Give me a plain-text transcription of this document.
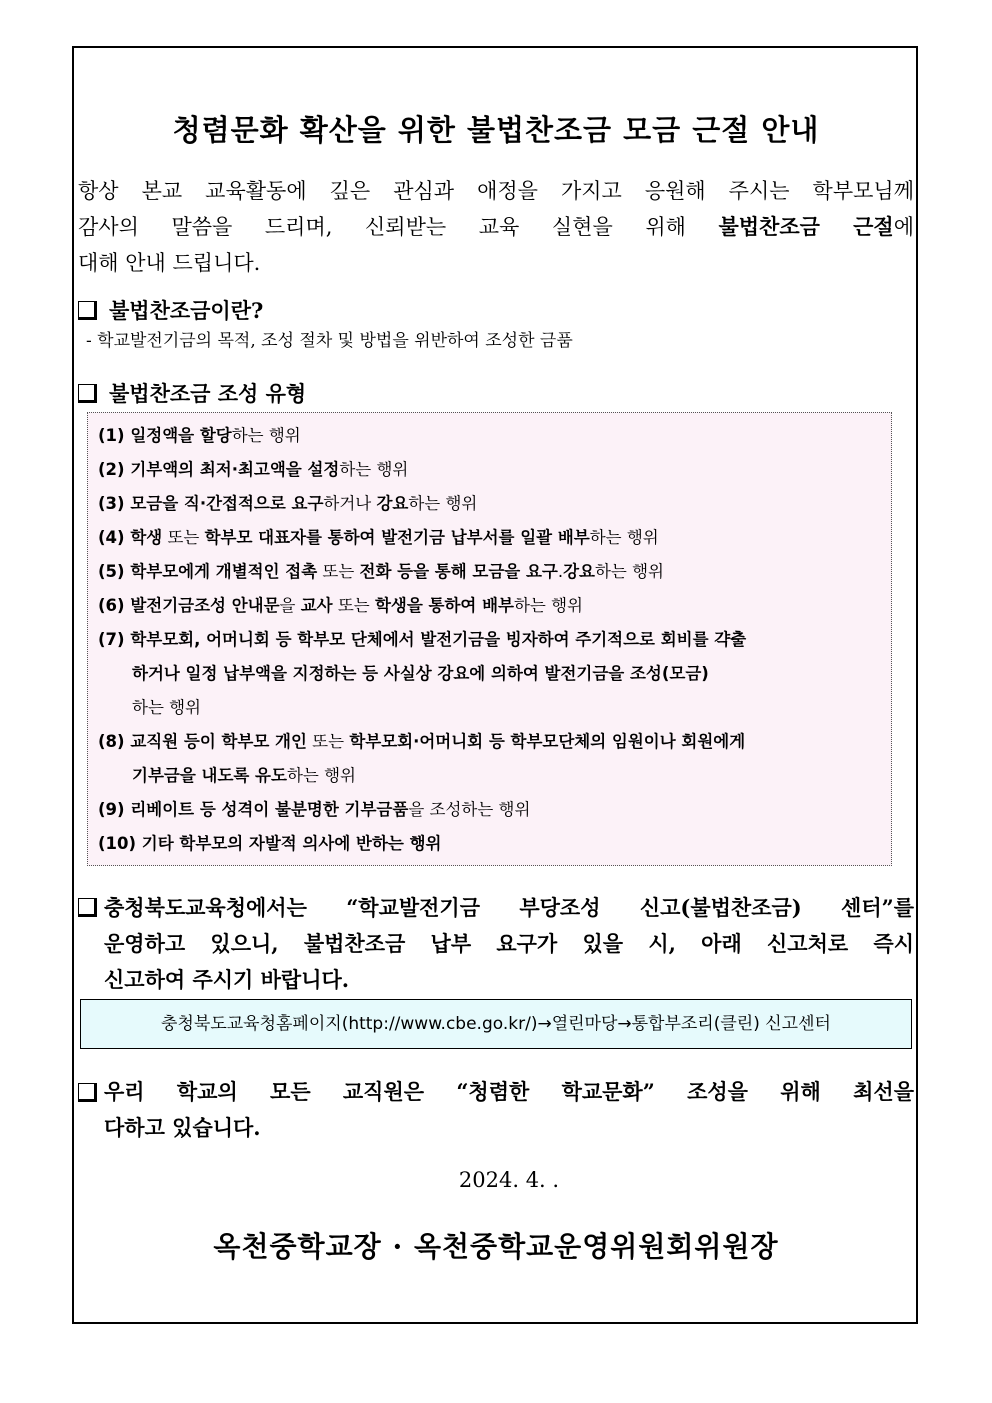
청렴문화 확산을 위한 불법찬조금 모금 근절 안내
항상 본교 교육활동에 깊은 관심과 애정을 가지고 응원해 주시는 학부모님께
감사의 말씀을 드리며, 신뢰받는 교육 실현을 위해 불법찬조금 근절에
대해 안내 드립니다.
불법찬조금이란?
- 학교발전기금의 목적, 조성 절차 및 방법을 위반하여 조성한 금품
불법찬조금 조성 유형
(1) 일정액을 할당하는 행위
(2) 기부액의 최저·최고액을 설정하는 행위
(3) 모금을 직·간접적으로 요구하거나 강요하는 행위
(4) 학생 또는 학부모 대표자를 통하여 발전기금 납부서를 일괄 배부하는 행위
(5) 학부모에게 개별적인 접촉 또는 전화 등을 통해 모금을 요구.강요하는 행위
(6) 발전기금조성 안내문을 교사 또는 학생을 통하여 배부하는 행위
(7) 학부모회, 어머니회 등 학부모 단체에서 발전기금을 빙자하여 주기적으로 회비를 갹출
하거나 일정 납부액을 지정하는 등 사실상 강요에 의하여 발전기금을 조성(모금)
하는 행위
(8) 교직원 등이 학부모 개인 또는 학부모회·어머니회 등 학부모단체의 임원이나 회원에게
기부금을 내도록 유도하는 행위
(9) 리베이트 등 성격이 불분명한 기부금품을 조성하는 행위
(10) 기타 학부모의 자발적 의사에 반하는 행위
충청북도교육청에서는 “학교발전기금 부당조성 신고(불법찬조금) 센터”를
운영하고 있으니, 불법찬조금 납부 요구가 있을 시, 아래 신고처로 즉시
신고하여 주시기 바랍니다.
충청북도교육청홈페이지(http://www.cbe.go.kr/)→열린마당→통합부조리(클린) 신고센터
우리 학교의 모든 교직원은 “청렴한 학교문화” 조성을 위해 최선을
다하고 있습니다.
2024. 4. .
옥천중학교장 · 옥천중학교운영위원회위원장
